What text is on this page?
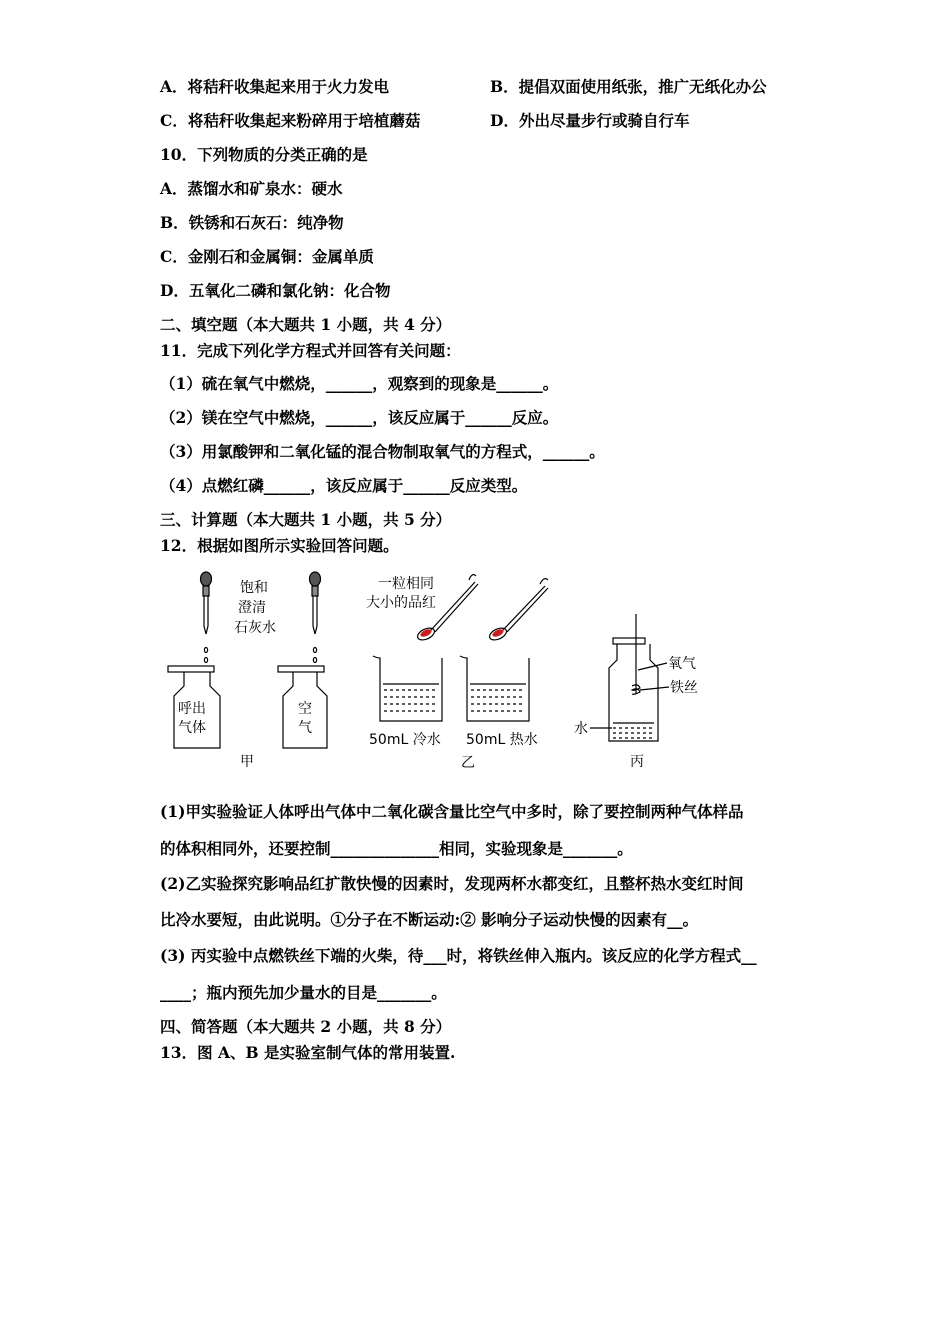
A．将秸秆收集起来用于火力发电	B．提倡双面使用纸张，推广无纸化办公
C．将秸秆收集起来粉碎用于培植蘑菇	D．外出尽量步行或骑自行车
10．下列物质的分类正确的是
A．蒸馏水和矿泉水：硬水
B．铁锈和石灰石：纯净物
C．金刚石和金属铜：金属单质
D．五氧化二磷和氯化钠：化合物
二、填空题（本大题共 1 小题，共 4 分）
11．完成下列化学方程式并回答有关问题：
（1）硫在氧气中燃烧，______，观察到的现象是______。
（2）镁在空气中燃烧，______，该反应属于______反应。
（3）用氯酸钾和二氧化锰的混合物制取氧气的方程式，______。
（4）点燃红磷______，该反应属于______反应类型。
三、计算题（本大题共 1 小题，共 5 分）
12．根据如图所示实验回答问题。
饱和
澄清
石灰水
呼出
气体
空
气
甲
一粒相同
大小的品红
50mL 冷水 50mL 热水
乙
氧气
铁丝
水
丙
(1)甲实验验证人体呼出气体中二氧化碳含量比空气中多时，除了要控制两种气体样品
的体积相同外，还要控制______________相同，实验现象是_______。
(2)乙实验探究影响品红扩散快慢的因素时，发现两杯水都变红，且整杯热水变红时间
比冷水要短，由此说明。①分子在不断运动:② 影响分子运动快慢的因素有__。
(3) 丙实验中点燃铁丝下端的火柴，待___时，将铁丝伸入瓶内。该反应的化学方程式__
____；瓶内预先加少量水的目是_______。
四、简答题（本大题共 2 小题，共 8 分）
13．图 A、B 是实验室制气体的常用装置.
